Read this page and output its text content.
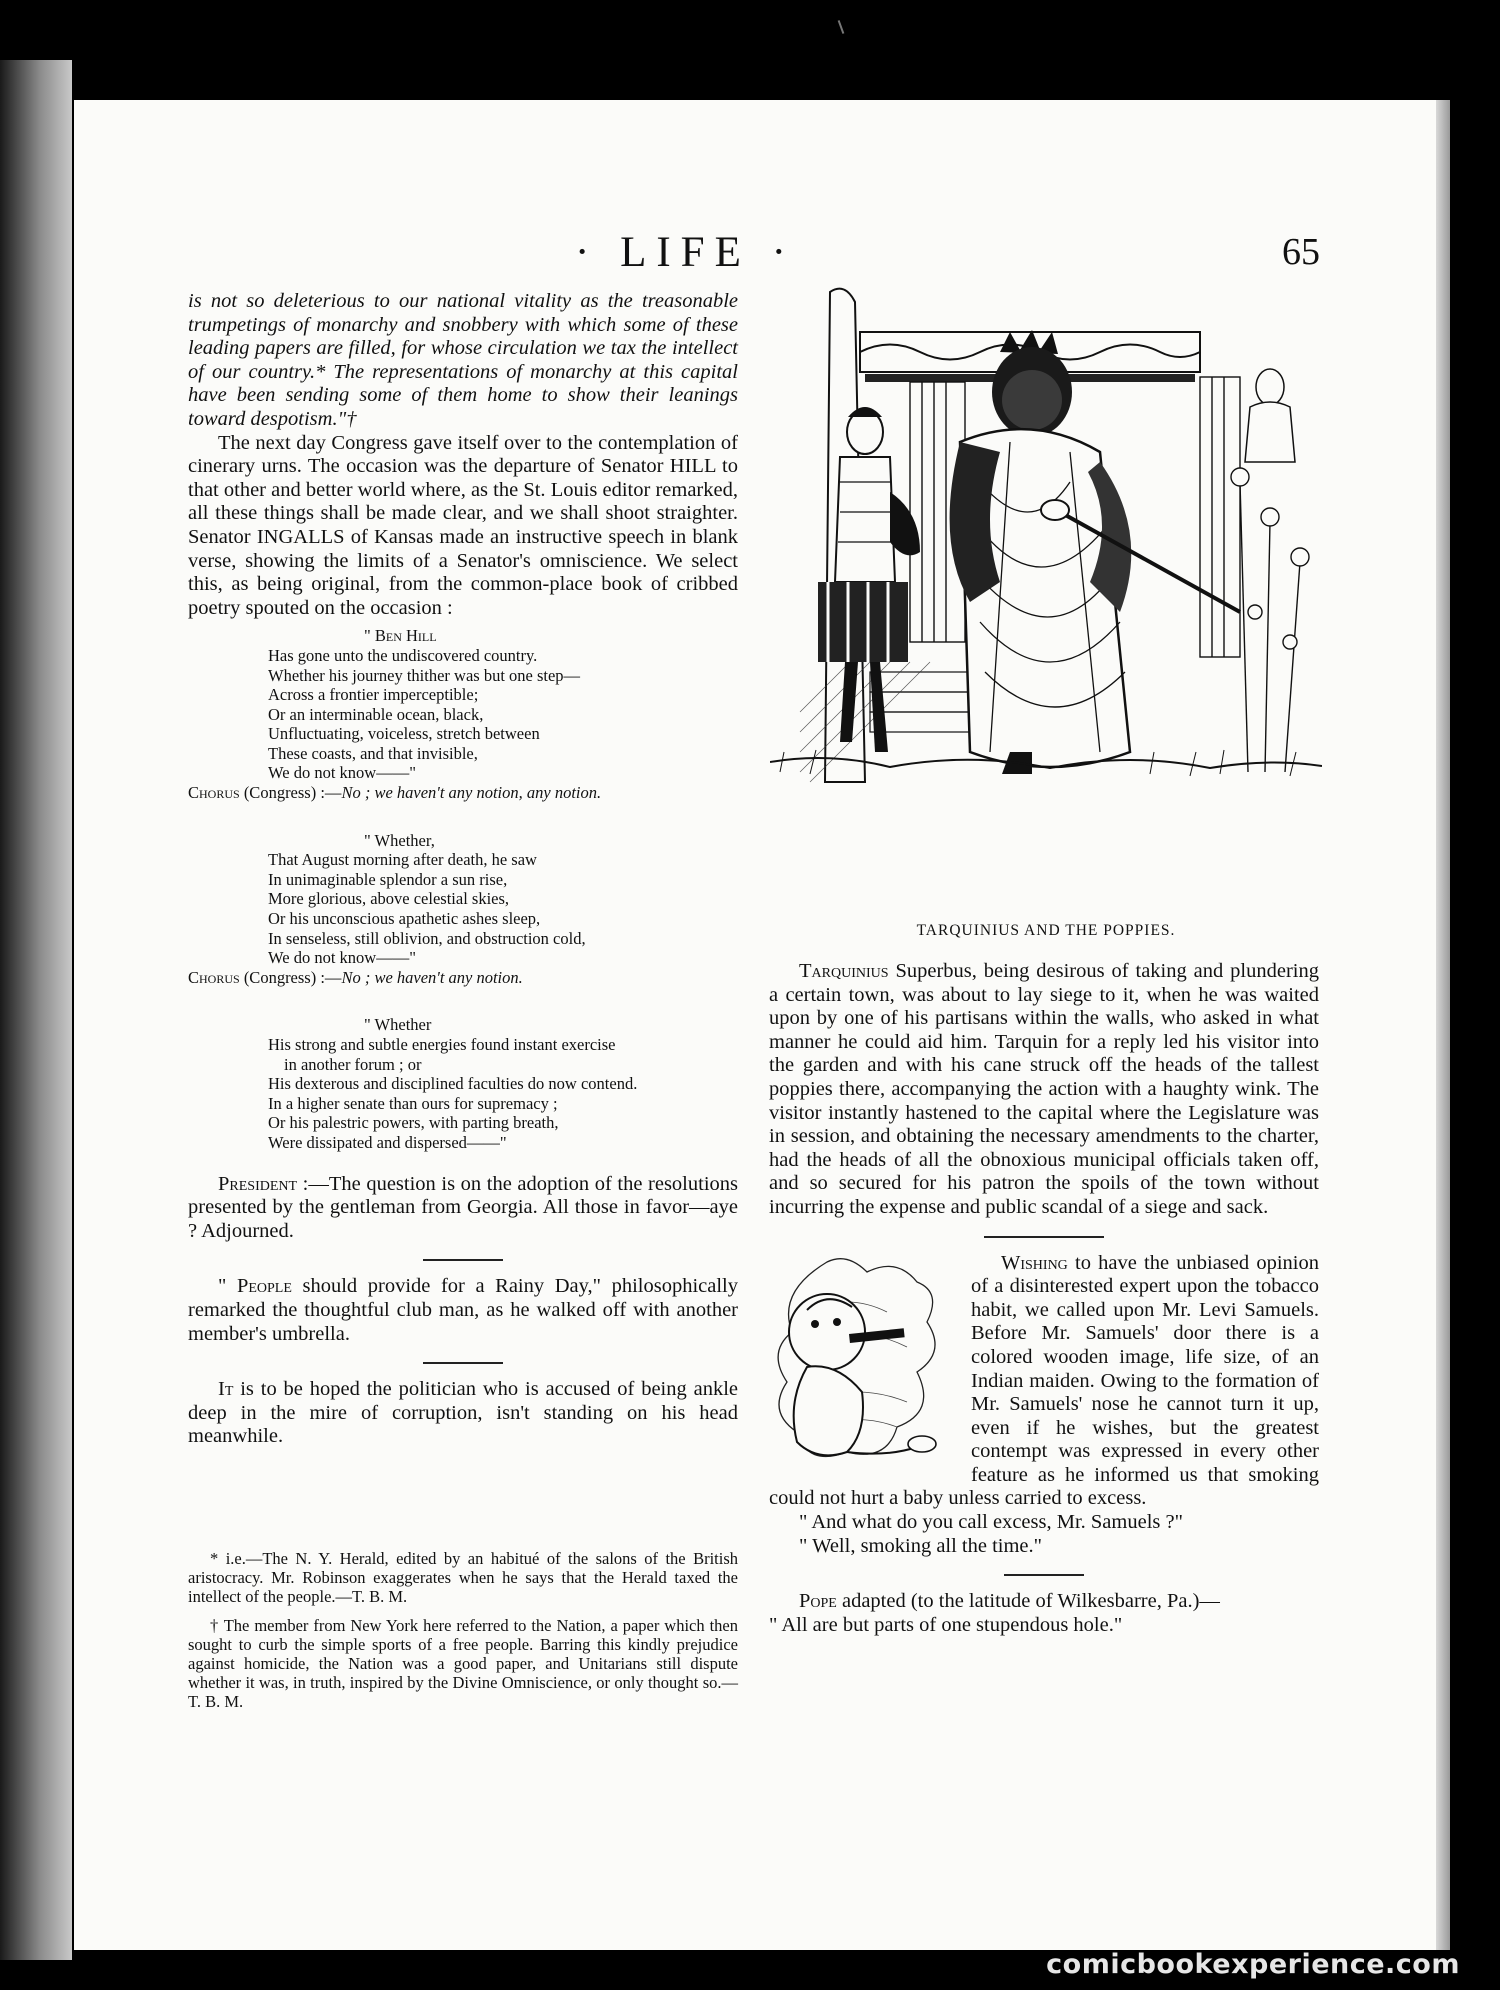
· LIFE ·	65

is not so deleterious to our national vitality as the treasonable trumpetings of monarchy and snobbery with which some of these leading papers are filled, for whose circulation we tax the intellect of our country.* The representations of monarchy at this capital have been sending some of them home to show their leanings toward despotism."†

The next day Congress gave itself over to the contemplation of cinerary urns. The occasion was the departure of Senator HILL to that other and better world where, as the St. Louis editor remarked, all these things shall be made clear, and we shall shoot straighter. Senator INGALLS of Kansas made an instructive speech in blank verse, showing the limits of a Senator's omniscience. We select this, as being original, from the common-place book of cribbed poetry spouted on the occasion :

" Ben Hill
Has gone unto the undiscovered country.
Whether his journey thither was but one step—
Across a frontier imperceptible;
Or an interminable ocean, black,
Unfluctuating, voiceless, stretch between
These coasts, and that invisible,
We do not know——"
Chorus (Congress) :—No ; we haven't any notion, any notion.
" Whether,
That August morning after death, he saw
In unimaginable splendor a sun rise,
More glorious, above celestial skies,
Or his unconscious apathetic ashes sleep,
In senseless, still oblivion, and obstruction cold,
We do not know——"
Chorus (Congress) :—No ; we haven't any notion.
" Whether
His strong and subtle energies found instant exercise
in another forum ; or
His dexterous and disciplined faculties do now contend.
In a higher senate than ours for supremacy ;
Or his palestric powers, with parting breath,
Were dissipated and dispersed——"

President :—The question is on the adoption of the resolutions presented by the gentleman from Georgia. All those in favor—aye ? Adjourned.

" People should provide for a Rainy Day," philosophically remarked the thoughtful club man, as he walked off with another member's umbrella.

It is to be hoped the politician who is accused of being ankle deep in the mire of corruption, isn't standing on his head meanwhile.

* i.e.—The N. Y. Herald, edited by an habitué of the salons of the British aristocracy. Mr. Robinson exaggerates when he says that the Herald taxed the intellect of the people.—T. B. M.

† The member from New York here referred to the Nation, a paper which then sought to curb the simple sports of a free people. Barring this kindly prejudice against homicide, the Nation was a good paper, and Unitarians still dispute whether it was, in truth, inspired by the Divine Omniscience, or only thought so.—T. B. M.

TARQUINIUS AND THE POPPIES.

Tarquinius Superbus, being desirous of taking and plundering a certain town, was about to lay siege to it, when he was waited upon by one of his partisans within the walls, who asked in what manner he could aid him. Tarquin for a reply led his visitor into the garden and with his cane struck off the heads of the tallest poppies there, accompanying the action with a haughty wink. The visitor instantly hastened to the capital where the Legislature was in session, and obtaining the necessary amendments to the charter, had the heads of all the obnoxious municipal officials taken off, and so secured for his patron the spoils of the town without incurring the expense and public scandal of a siege and sack.

Wishing to have the unbiased opinion of a disinterested expert upon the tobacco habit, we called upon Mr. Levi Samuels. Before Mr. Samuels' door there is a colored wooden image, life size, of an Indian maiden. Owing to the formation of Mr. Samuels' nose he cannot turn it up, even if he wishes, but the greatest contempt was expressed in every other feature as he informed us that smoking could not hurt a baby unless carried to excess.

" And what do you call excess, Mr. Samuels ?"

" Well, smoking all the time."

Pope adapted (to the latitude of Wilkesbarre, Pa.)—

" All are but parts of one stupendous hole."

comicbookexperience.com
